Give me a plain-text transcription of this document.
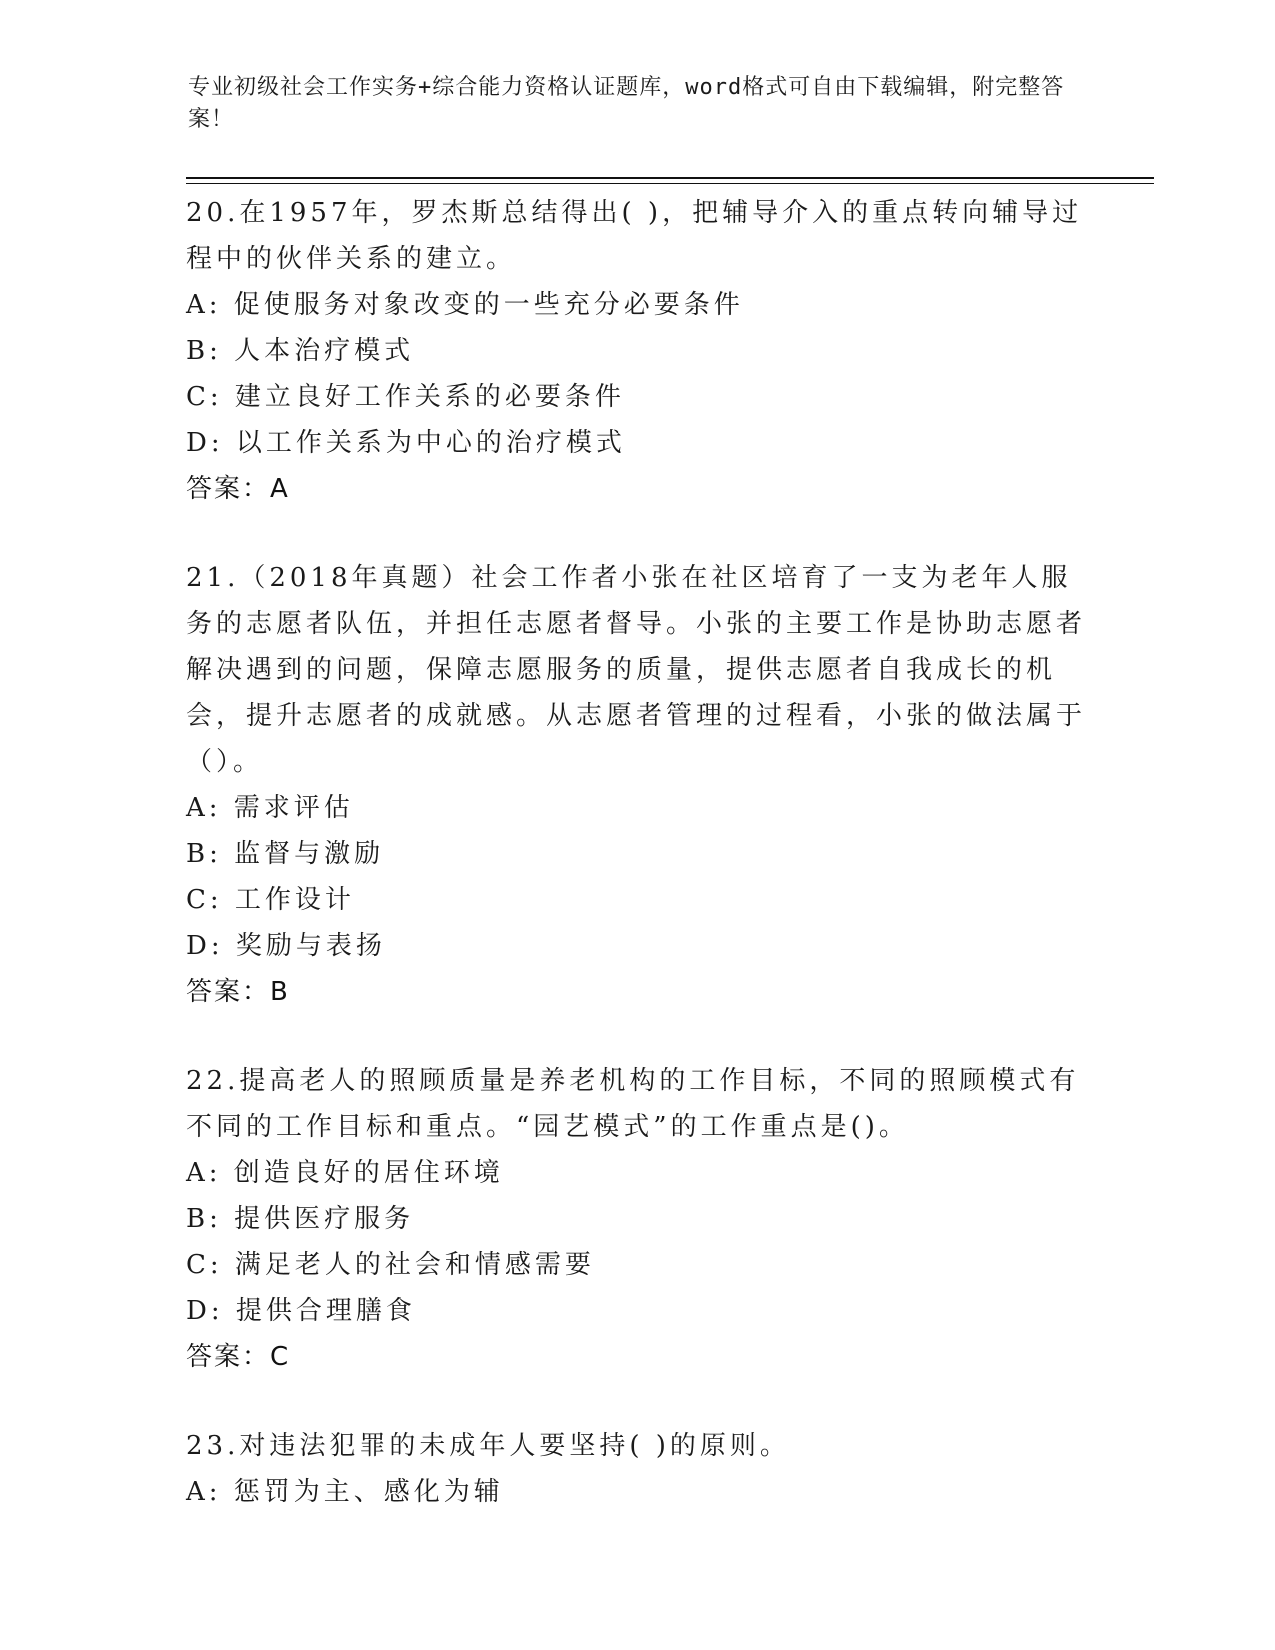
专业初级社会工作实务+综合能力资格认证题库，word格式可自由下载编辑，附完整答案！

20.在1957年，罗杰斯总结得出( )，把辅导介入的重点转向辅导过程中的伙伴关系的建立。

A: 促使服务对象改变的一些充分必要条件

B: 人本治疗模式

C: 建立良好工作关系的必要条件

D: 以工作关系为中心的治疗模式

答案：A

21.（2018年真题）社会工作者小张在社区培育了一支为老年人服务的志愿者队伍，并担任志愿者督导。小张的主要工作是协助志愿者解决遇到的问题，保障志愿服务的质量，提供志愿者自我成长的机会，提升志愿者的成就感。从志愿者管理的过程看，小张的做法属于（）。

A: 需求评估

B: 监督与激励

C: 工作设计

D: 奖励与表扬

答案：B

22.提高老人的照顾质量是养老机构的工作目标，不同的照顾模式有不同的工作目标和重点。“园艺模式”的工作重点是()。

A: 创造良好的居住环境

B: 提供医疗服务

C: 满足老人的社会和情感需要

D: 提供合理膳食

答案：C

23.对违法犯罪的未成年人要坚持( )的原则。

A: 惩罚为主、感化为辅
